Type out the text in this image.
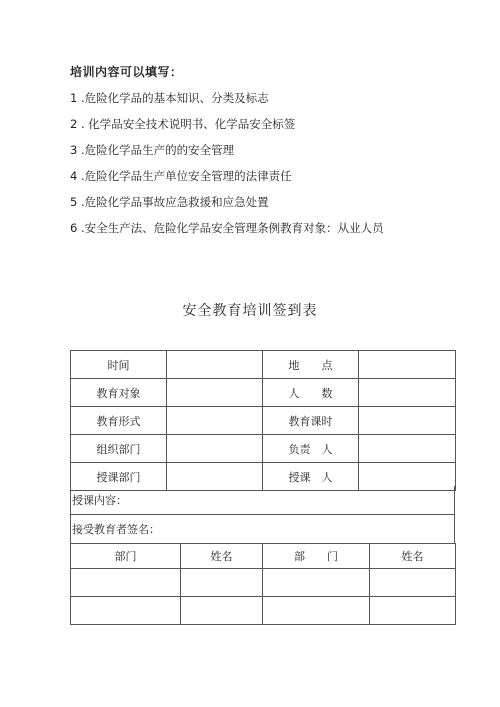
培训内容可以填写：
1 .危险化学品的基本知识、分类及标志
2 . 化学品安全技术说明书、化学品安全标签
3 .危险化学品生产的的安全管理
4 .危险化学品生产单位安全管理的法律责任
5 .危险化学品事故应急救援和应急处置
6 .安全生产法、危险化学品安全管理条例教育对象：从业人员
安全教育培训签到表
时间		地　　点	
教育对象		人　　数	
教育形式		教育课时	
组织部门		负责　人	
授课部门		授课　人	
授课内容：
接受教育者签名：
部门	姓名	部　　门	姓名
